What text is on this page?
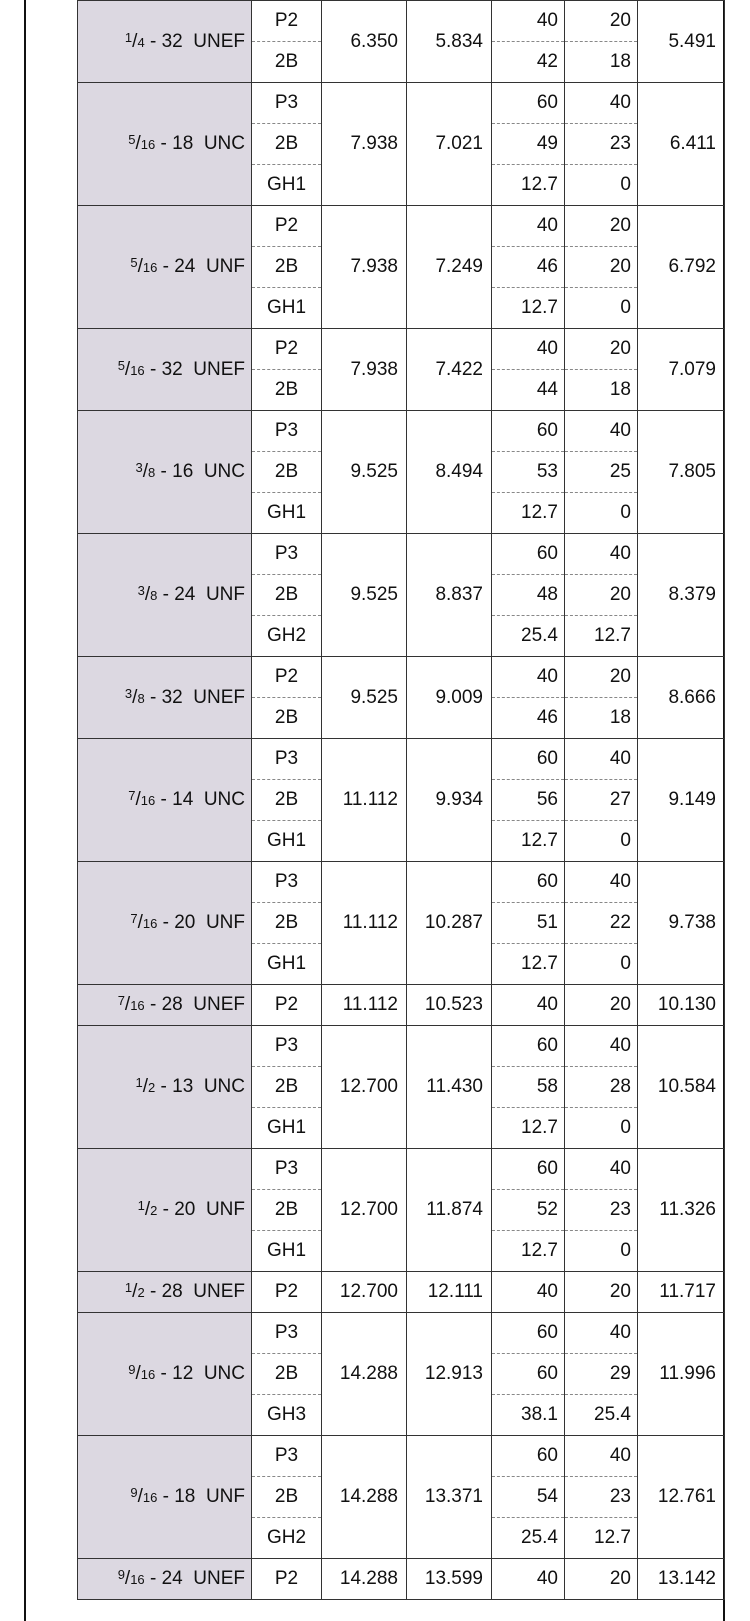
$^1$/4 - 32 UNEF	P2	6.350	5.834	40	20	5.491
	2B			42	18	
$^5$/16 - 18 UNC	P3	7.938	7.021	60	40	6.411
	2B			49	23	
	GH1			12.7	0	
$^5$/16 - 24 UNF	P2	7.938	7.249	40	20	6.792
	2B			46	20	
	GH1			12.7	0	
$^5$/16 - 32 UNEF	P2	7.938	7.422	40	20	7.079
	2B			44	18	
$^3$/8 - 16 UNC	P3	9.525	8.494	60	40	7.805
	2B			53	25	
	GH1			12.7	0	
$^3$/8 - 24 UNF	P3	9.525	8.837	60	40	8.379
	2B			48	20	
	GH2			25.4	12.7	
$^3$/8 - 32 UNEF	P2	9.525	9.009	40	20	8.666
	2B			46	18	
$^7$/16 - 14 UNC	P3	11.112	9.934	60	40	9.149
	2B			56	27	
	GH1			12.7	0	
$^7$/16 - 20 UNF	P3	11.112	10.287	60	40	9.738
	2B			51	22	
	GH1			12.7	0	
$^7$/16 - 28 UNEF	P2	11.112	10.523	40	20	10.130
$^1$/2 - 13 UNC	P3	12.700	11.430	60	40	10.584
	2B			58	28	
	GH1			12.7	0	
$^1$/2 - 20 UNF	P3	12.700	11.874	60	40	11.326
	2B			52	23	
	GH1			12.7	0	
$^1$/2 - 28 UNEF	P2	12.700	12.111	40	20	11.717
$^9$/16 - 12 UNC	P3	14.288	12.913	60	40	11.996
	2B			60	29	
	GH3			38.1	25.4	
$^9$/16 - 18 UNF	P3	14.288	13.371	60	40	12.761
	2B			54	23	
	GH2			25.4	12.7	
$^9$/16 - 24 UNEF	P2	14.288	13.599	40	20	13.142
